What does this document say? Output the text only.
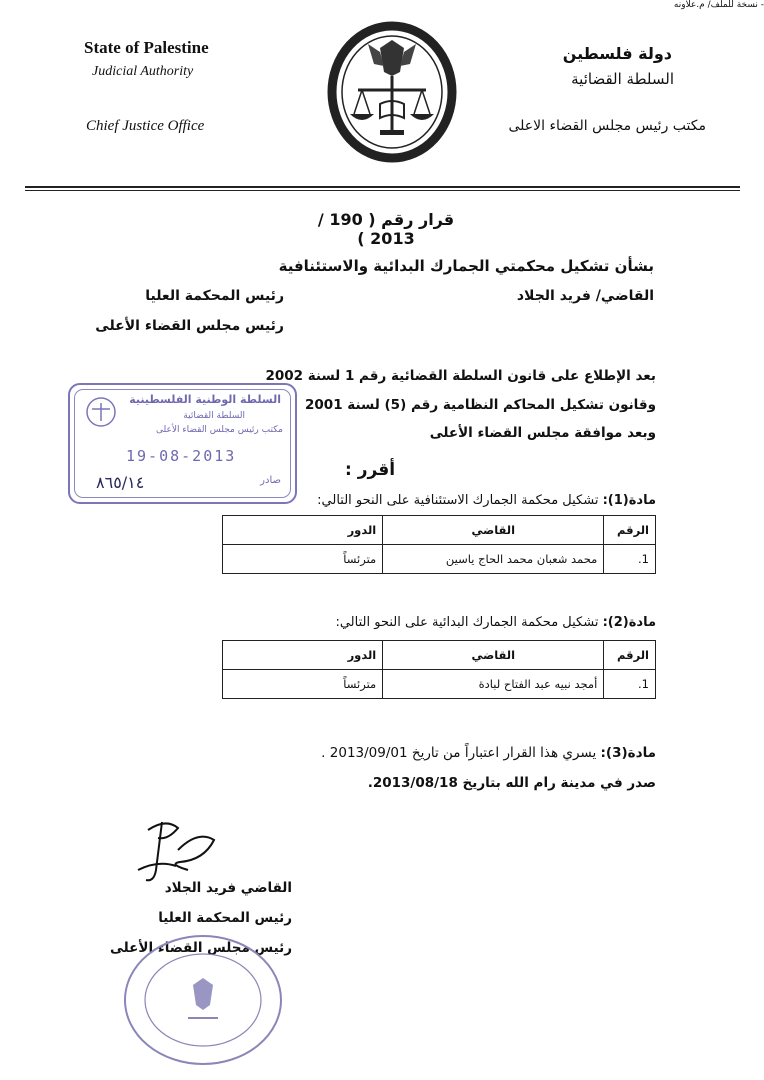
State of Palestine
Judicial Authority
Chief Justice Office
دولة فلسطين
السلطة القضائية
مكتب رئيس مجلس القضاء الاعلى
قرار رقم ( 190 / 2013 )
بشأن تشكيل محكمتي الجمارك البدائية والاستئنافية
القاضي/ فريد الجلاد
رئيس المحكمة العليا
رئيس مجلس القضاء الأعلى
بعد الإطلاع على قانون السلطة القضائية رقم 1 لسنة 2002
وقانون تشكيل المحاكم النظامية رقم (5) لسنة 2001
وبعد موافقة مجلس القضاء الأعلى
أقرر :
السلطة الوطنية الفلسطينية
السلطة القضائية
مكتب رئيس مجلس القضاء الأعلى
19-08-2013
صادر
٨٦٥/١٤
مادة(1): تشكيل محكمة الجمارك الاستئنافية على النحو التالي:
الرقم	القاضي	الدور
1.	محمد شعبان محمد الحاج ياسين	مترئساً
مادة(2): تشكيل محكمة الجمارك البدائية على النحو التالي:
الرقم	القاضي	الدور
1.	أمجد نبيه عبد الفتاح لبادة	مترئساً
مادة(3): يسري هذا القرار اعتباراً من تاريخ 2013/09/01 .
صدر في مدينة رام الله بتاريخ 2013/08/18.
القاضي فريد الجلاد
رئيس المحكمة العليا
رئيس مجلس القضاء الأعلى
- نسخة للملف/ م.علاونه
